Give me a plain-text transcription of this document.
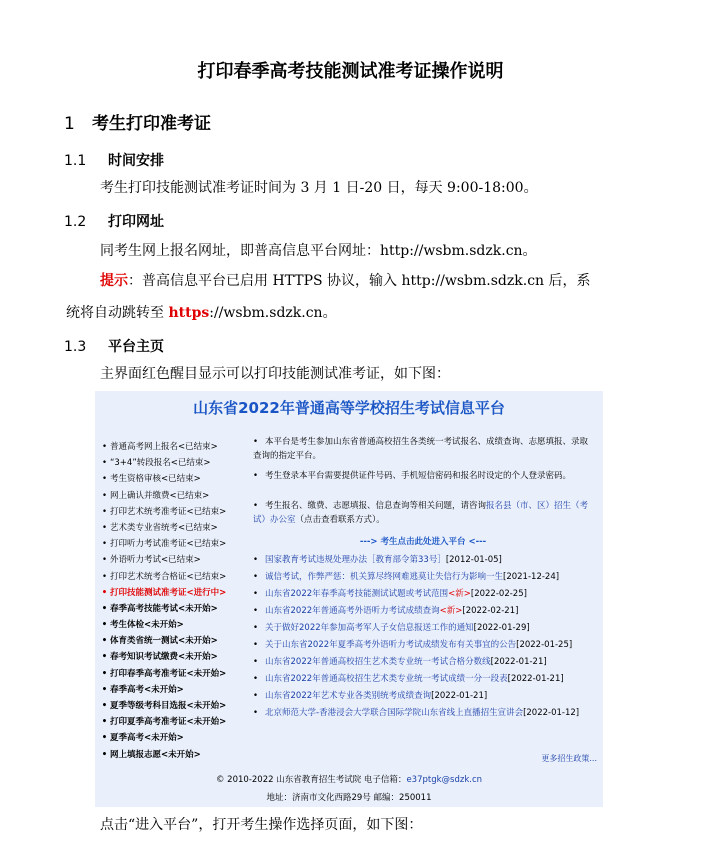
打印春季高考技能测试准考证操作说明
1 考生打印准考证
1.1 时间安排
考生打印技能测试准考证时间为 3 月 1 日-20 日，每天 9:00-18:00。
1.2 打印网址
同考生网上报名网址，即普高信息平台网址：http://wsbm.sdzk.cn。
提示：普高信息平台已启用 HTTPS 协议，输入 http://wsbm.sdzk.cn 后，系
统将自动跳转至 https://wsbm.sdzk.cn。
1.3 平台主页
主界面红色醒目显示可以打印技能测试准考证，如下图：
山东省2022年普通高等学校招生考试信息平台
• 普通高考网上报名<已结束>
• “3+4”转段报名<已结束>
• 考生资格审核<已结束>
• 网上确认并缴费<已结束>
• 打印艺术统考准考证<已结束>
• 艺术类专业省统考<已结束>
• 打印听力考试准考证<已结束>
• 外语听力考试<已结束>
• 打印艺术统考合格证<已结束>
• 打印技能测试准考证<进行中>
• 春季高考技能考试<未开始>
• 考生体检<未开始>
• 体育类省统一测试<未开始>
• 春考知识考试缴费<未开始>
• 打印春季高考准考证<未开始>
• 春季高考<未开始>
• 夏季等级考科目选报<未开始>
• 打印夏季高考准考证<未开始>
• 夏季高考<未开始>
• 网上填报志愿<未开始>
• 本平台是考生参加山东省普通高校招生各类统一考试报名、成绩查询、志愿填报、录取查询的指定平台。
• 考生登录本平台需要提供证件号码、手机短信密码和报名时设定的个人登录密码。
• 考生报名、缴费、志愿填报、信息查询等相关问题，请咨询报名县（市、区）招生（考试）办公室（点击查看联系方式）。
---> 考生点击此处进入平台 <---
• 国家教育考试违规处理办法［教育部令第33号］[2012-01-05]
• 诚信考试，作弊严惩：机关算尽终网难逃莫让失信行为影响一生[2021-12-24]
• 山东省2022年春季高考技能测试试题或考试范围<新>[2022-02-25]
• 山东省2022年普通高考外语听力考试成绩查询<新>[2022-02-21]
• 关于做好2022年参加高考军人子女信息报送工作的通知[2022-01-29]
• 关于山东省2022年夏季高考外语听力考试成绩发布有关事宜的公告[2022-01-25]
• 山东省2022年普通高校招生艺术类专业统一考试合格分数线[2022-01-21]
• 山东省2022年普通高校招生艺术类专业统一考试成绩一分一段表[2022-01-21]
• 山东省2022年艺术专业各类别统考成绩查询[2022-01-21]
• 北京师范大学-香港浸会大学联合国际学院山东省线上直播招生宣讲会[2022-01-12]
更多招生政策...
© 2010-2022 山东省教育招生考试院 电子信箱：e37ptgk@sdzk.cn
地址：济南市文化西路29号 邮编：250011
点击“进入平台”，打开考生操作选择页面，如下图：
